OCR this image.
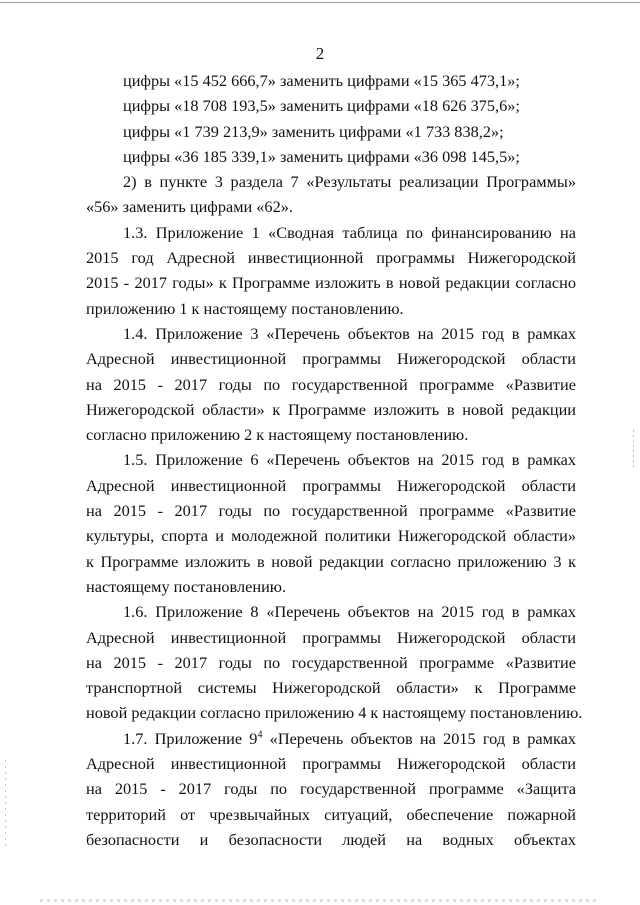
2
цифры «15 452 666,7» заменить цифрами «15 365 473,1»;
цифры «18 708 193,5» заменить цифрами «18 626 375,6»;
цифры «1 739 213,9» заменить цифрами «1 733 838,2»;
цифры «36 185 339,1» заменить цифрами «36 098 145,5»;
2) в пункте 3 раздела 7 «Результаты реализации Программы»
«56» заменить цифрами «62».
1.3. Приложение 1 «Сводная таблица по финансированию на
2015 год Адресной инвестиционной программы Нижегородской
2015 - 2017 годы» к Программе изложить в новой редакции согласно
приложению 1 к настоящему постановлению.
1.4. Приложение 3 «Перечень объектов на 2015 год в рамках
Адресной инвестиционной программы Нижегородской области
на 2015 - 2017 годы по государственной программе «Развитие
Нижегородской области» к Программе изложить в новой редакции
согласно приложению 2 к настоящему постановлению.
1.5. Приложение 6 «Перечень объектов на 2015 год в рамках
Адресной инвестиционной программы Нижегородской области
на 2015 - 2017 годы по государственной программе «Развитие
культуры, спорта и молодежной политики Нижегородской области»
к Программе изложить в новой редакции согласно приложению 3 к
настоящему постановлению.
1.6. Приложение 8 «Перечень объектов на 2015 год в рамках
Адресной инвестиционной программы Нижегородской области
на 2015 - 2017 годы по государственной программе «Развитие
транспортной системы Нижегородской области» к Программе
новой редакции согласно приложению 4 к настоящему постановлению.
1.7. Приложение $9^4$ «Перечень объектов на 2015 год в рамках
Адресной инвестиционной программы Нижегородской области
на 2015 - 2017 годы по государственной программе «Защита
территорий от чрезвычайных ситуаций, обеспечение пожарной
безопасности и безопасности людей на водных объектах
